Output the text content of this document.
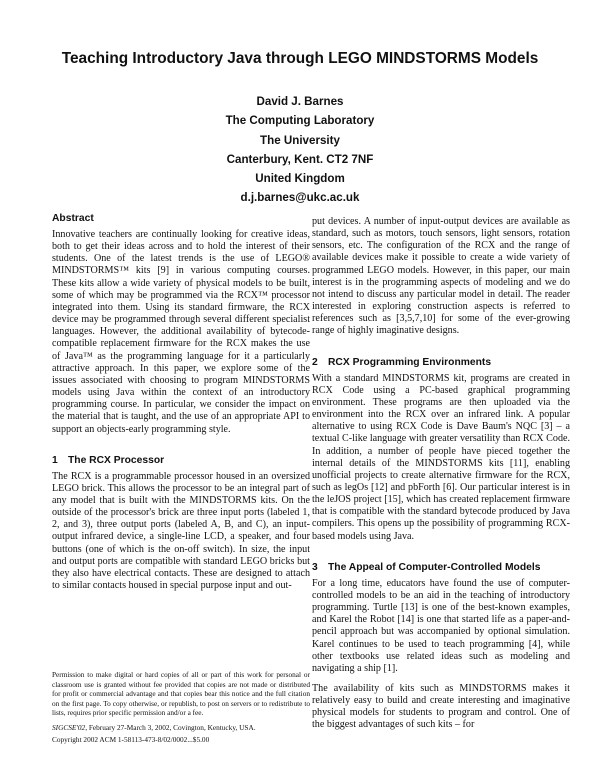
Teaching Introductory Java through LEGO MINDSTORMS Models
David J. Barnes
The Computing Laboratory
The University
Canterbury, Kent. CT2 7NF
United Kingdom
d.j.barnes@ukc.ac.uk
Abstract

Innovative teachers are continually looking for creative ideas, both to get their ideas across and to hold the interest of their students. One of the latest trends is the use of LEGO® MINDSTORMS™ kits [9] in various computing courses. These kits allow a wide variety of physical models to be built, some of which may be programmed via the RCX™ processor integrated into them. Using its standard firmware, the RCX device may be programmed through several different specialist languages. However, the additional availability of bytecode-compatible replacement firmware for the RCX makes the use of Java™ as the programming language for it a particularly attractive approach. In this paper, we explore some of the issues associated with choosing to program MINDSTORMS models using Java within the context of an introductory programming course. In particular, we consider the impact on the material that is taught, and the use of an appropriate API to support an objects-early programming style.

1 The RCX Processor

The RCX is a programmable processor housed in an oversized LEGO brick. This allows the processor to be an integral part of any model that is built with the MINDSTORMS kits. On the outside of the processor's brick are three input ports (labeled 1, 2, and 3), three output ports (labeled A, B, and C), an input-output infrared device, a single-line LCD, a speaker, and four buttons (one of which is the on-off switch). In size, the input and output ports are compatible with standard LEGO bricks but they also have electrical contacts. These are designed to attach to similar contacts housed in special purpose input and out-

put devices. A number of input-output devices are available as standard, such as motors, touch sensors, light sensors, rotation sensors, etc. The configuration of the RCX and the range of available devices make it possible to create a wide variety of programmed LEGO models. However, in this paper, our main interest is in the programming aspects of modeling and we do not intend to discuss any particular model in detail. The reader interested in exploring construction aspects is referred to references such as [3,5,7,10] for some of the ever-growing range of highly imaginative designs.

2 RCX Programming Environments

With a standard MINDSTORMS kit, programs are created in RCX Code using a PC-based graphical programming environment. These programs are then uploaded via the environment into the RCX over an infrared link. A popular alternative to using RCX Code is Dave Baum's NQC [3] – a textual C-like language with greater versatility than RCX Code. In addition, a number of people have pieced together the internal details of the MINDSTORMS kits [11], enabling unofficial projects to create alternative firmware for the RCX, such as legOs [12] and pbForth [6]. Our particular interest is in the leJOS project [15], which has created replacement firmware that is compatible with the standard bytecode produced by Java compilers. This opens up the possibility of programming RCX-based models using Java.

3 The Appeal of Computer-Controlled Models

For a long time, educators have found the use of computer-controlled models to be an aid in the teaching of introductory programming. Turtle [13] is one of the best-known examples, and Karel the Robot [14] is one that started life as a paper-and-pencil approach but was accompanied by optional simulation. Karel continues to be used to teach programming [4], while other textbooks use related ideas such as modeling and navigating a ship [1].

The availability of kits such as MINDSTORMS makes it relatively easy to build and create interesting and imaginative physical models for students to program and control. One of the biggest advantages of such kits – for

Permission to make digital or hard copies of all or part of this work for personal or classroom use is granted without fee provided that copies are not made or distributed for profit or commercial advantage and that copies bear this notice and the full citation on the first page. To copy otherwise, or republish, to post on servers or to redistribute to lists, requires prior specific permission and/or a fee.

SIGCSE'02, February 27-March 3, 2002, Covington, Kentucky, USA.

Copyright 2002 ACM 1-58113-473-8/02/0002...$5.00
